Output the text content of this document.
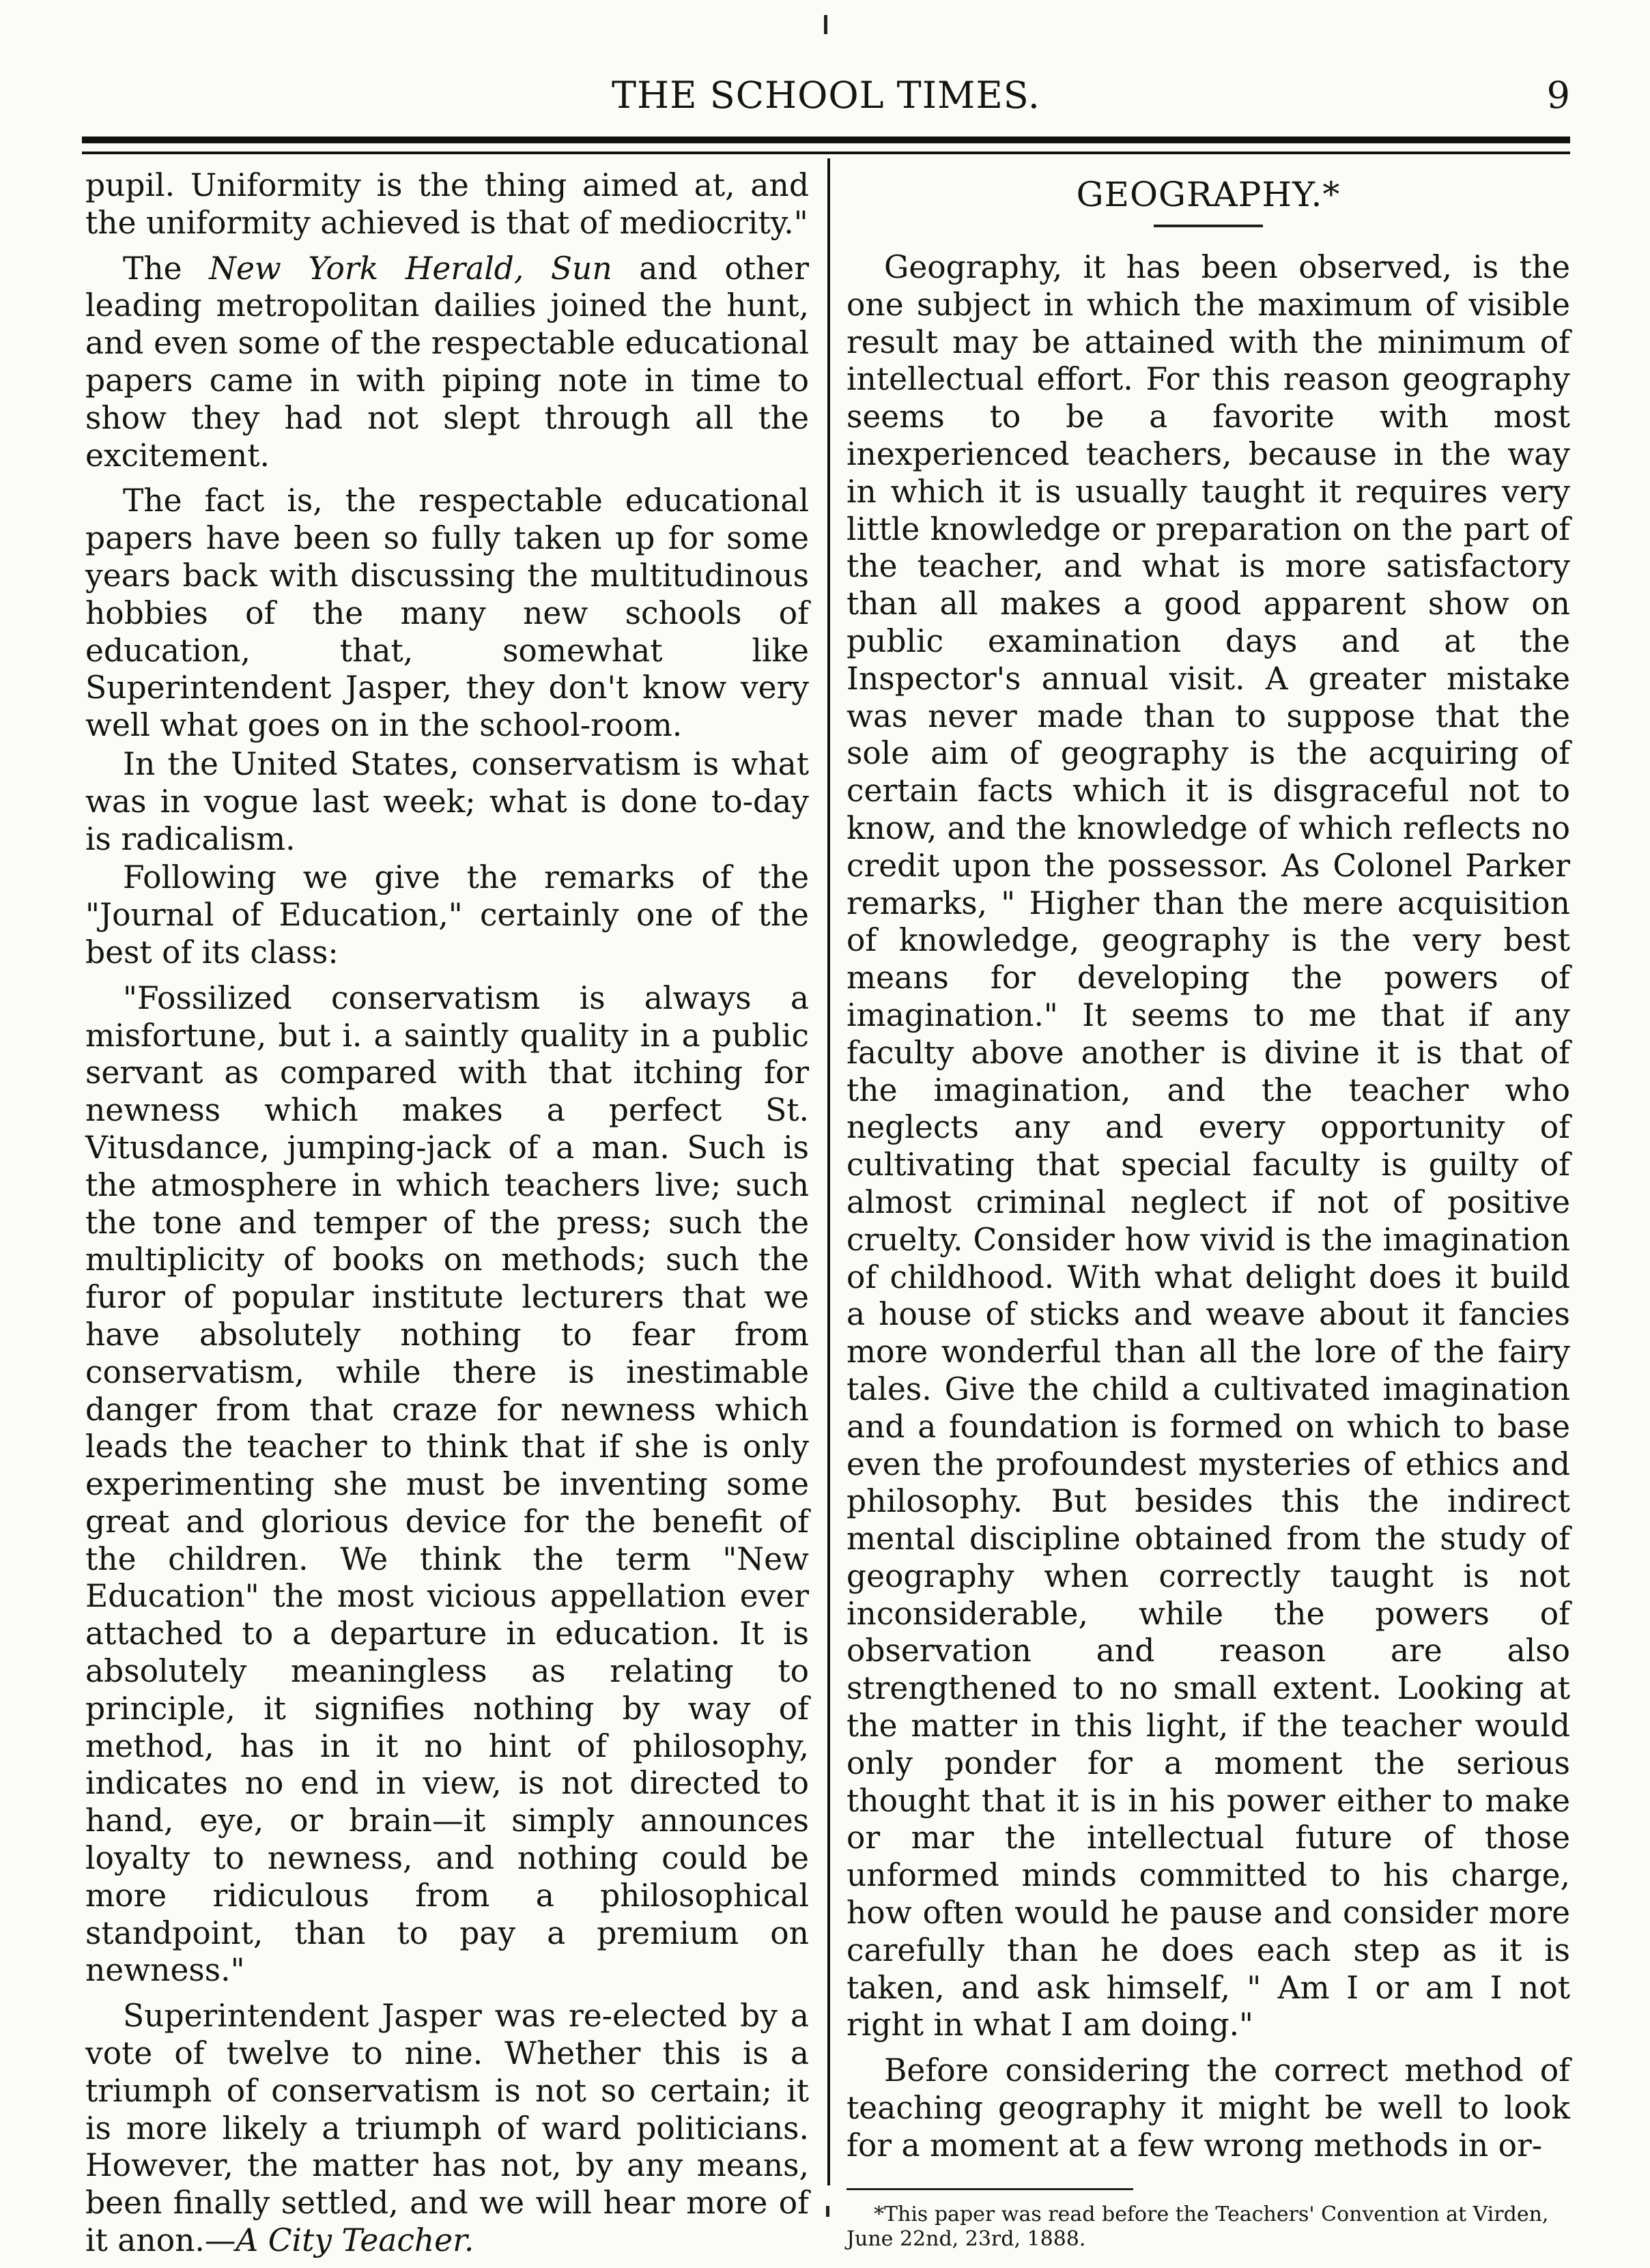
THE SCHOOL TIMES.	9

pupil. Uniformity is the thing aimed at, and the uniformity achieved is that of mediocrity."

The New York Herald, Sun and other leading metropolitan dailies joined the hunt, and even some of the respectable educational papers came in with piping note in time to show they had not slept through all the excitement.

The fact is, the respectable educational papers have been so fully taken up for some years back with discussing the multitudinous hobbies of the many new schools of education, that, somewhat like Superintendent Jasper, they don't know very well what goes on in the school-room.

In the United States, conservatism is what was in vogue last week; what is done to-day is radicalism.

Following we give the remarks of the "Journal of Education," certainly one of the best of its class:

"Fossilized conservatism is always a misfortune, but i. a saintly quality in a public servant as compared with that itching for newness which makes a perfect St. Vitusdance, jumping-jack of a man. Such is the atmosphere in which teachers live; such the tone and temper of the press; such the multiplicity of books on methods; such the furor of popular institute lecturers that we have absolutely nothing to fear from conservatism, while there is inestimable danger from that craze for newness which leads the teacher to think that if she is only experimenting she must be inventing some great and glorious device for the benefit of the children. We think the term "New Education" the most vicious appellation ever attached to a departure in education. It is absolutely meaningless as relating to principle, it signifies nothing by way of method, has in it no hint of philosophy, indicates no end in view, is not directed to hand, eye, or brain—it simply announces loyalty to newness, and nothing could be more ridiculous from a philosophical standpoint, than to pay a premium on newness."

Superintendent Jasper was re-elected by a vote of twelve to nine. Whether this is a triumph of conservatism is not so certain; it is more likely a triumph of ward politicians. However, the matter has not, by any means, been finally settled, and we will hear more of it anon.—A City Teacher.

GEOGRAPHY.*

Geography, it has been observed, is the one subject in which the maximum of visible result may be attained with the minimum of intellectual effort. For this reason geography seems to be a favorite with most inexperienced teachers, because in the way in which it is usually taught it requires very little knowledge or preparation on the part of the teacher, and what is more satisfactory than all makes a good apparent show on public examination days and at the Inspector's annual visit. A greater mistake was never made than to suppose that the sole aim of geography is the acquiring of certain facts which it is disgraceful not to know, and the knowledge of which reflects no credit upon the possessor. As Colonel Parker remarks, " Higher than the mere acquisition of knowledge, geography is the very best means for developing the powers of imagination." It seems to me that if any faculty above another is divine it is that of the imagination, and the teacher who neglects any and every opportunity of cultivating that special faculty is guilty of almost criminal neglect if not of positive cruelty. Consider how vivid is the imagination of childhood. With what delight does it build a house of sticks and weave about it fancies more wonderful than all the lore of the fairy tales. Give the child a cultivated imagination and a foundation is formed on which to base even the profoundest mysteries of ethics and philosophy. But besides this the indirect mental discipline obtained from the study of geography when correctly taught is not inconsiderable, while the powers of observation and reason are also strengthened to no small extent. Looking at the matter in this light, if the teacher would only ponder for a moment the serious thought that it is in his power either to make or mar the intellectual future of those unformed minds committed to his charge, how often would he pause and consider more carefully than he does each step as it is taken, and ask himself, " Am I or am I not right in what I am doing."

Before considering the correct method of teaching geography it might be well to look for a moment at a few wrong methods in or-

*This paper was read before the Teachers' Convention at Virden, June 22nd, 23rd, 1888.
